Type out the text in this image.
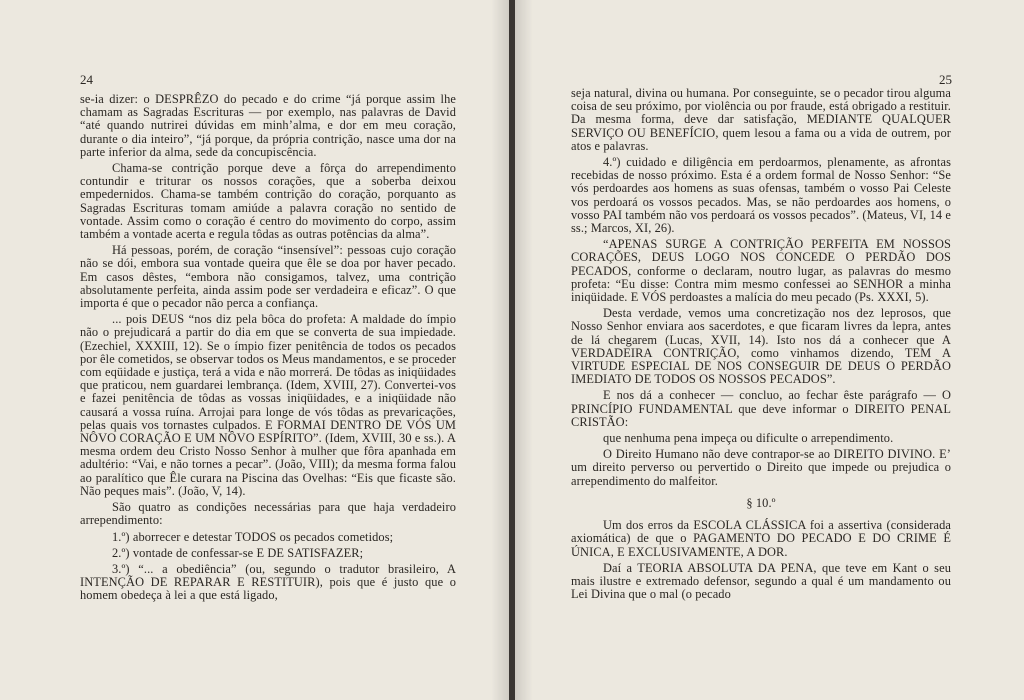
24

se-ia dizer: o DESPRÊZO do pecado e do crime “já porque assim lhe chamam as Sagradas Escrituras — por exemplo, nas palavras de David “até quando nutrirei dúvidas em minh’alma, e dor em meu coração, durante o dia inteiro”, “já porque, da própria contrição, nasce uma dor na parte inferior da alma, sede da concupiscência.

Chama-se contrição porque deve a fôrça do arrependimento contundir e triturar os nossos corações, que a soberba deixou empedernidos. Chama-se também contrição do coração, porquanto as Sagradas Escrituras tomam amiúde a palavra coração no sentido de vontade. Assim como o coração é centro do movimento do corpo, assim também a vontade acerta e regula tôdas as outras potências da alma”.

Há pessoas, porém, de coração “insensível”: pessoas cujo coração não se dói, embora sua vontade queira que êle se doa por haver pecado. Em casos dêstes, “embora não consigamos, talvez, uma contrição absolutamente perfeita, ainda assim pode ser verdadeira e eficaz”. O que importa é que o pecador não perca a confiança.

... pois DEUS “nos diz pela bôca do profeta: A maldade do ímpio não o prejudicará a partir do dia em que se converta de sua impiedade. (Ezechiel, XXXIII, 12). Se o ímpio fizer penitência de todos os pecados por êle cometidos, se observar todos os Meus mandamentos, e se proceder com eqüidade e justiça, terá a vida e não morrerá. De tôdas as iniqüidades que praticou, nem guardarei lembrança. (Idem, XVIII, 27). Convertei-vos e fazei penitência de tôdas as vossas iniqüidades, e a iniqüidade não causará a vossa ruína. Arrojai para longe de vós tôdas as prevaricações, pelas quais vos tornastes culpados. E FORMAI DENTRO DE VÓS UM NÔVO CORAÇÃO E UM NÔVO ESPÍRITO”. (Idem, XVIII, 30 e ss.). A mesma ordem deu Cristo Nosso Senhor à mulher que fôra apanhada em adultério: “Vai, e não tornes a pecar”. (João, VIII); da mesma forma falou ao paralítico que Êle curara na Piscina das Ovelhas: “Eis que ficaste são. Não peques mais”. (João, V, 14).

São quatro as condições necessárias para que haja verdadeiro arrependimento:

1.º) aborrecer e detestar TODOS os pecados cometidos;

2.º) vontade de confessar-se E DE SATISFAZER;

3.º) “... a obediência” (ou, segundo o tradutor brasileiro, A INTENÇÃO DE REPARAR E RESTITUIR), pois que é justo que o homem obedeça à lei a que está ligado,

25

seja natural, divina ou humana. Por conseguinte, se o pecador tirou alguma coisa de seu próximo, por violência ou por fraude, está obrigado a restituir. Da mesma forma, deve dar satisfação, MEDIANTE QUALQUER SERVIÇO OU BENEFÍCIO, quem lesou a fama ou a vida de outrem, por atos e palavras.

4.º) cuidado e diligência em perdoarmos, plenamente, as afrontas recebidas de nosso próximo. Esta é a ordem formal de Nosso Senhor: “Se vós perdoardes aos homens as suas ofensas, também o vosso Pai Celeste vos perdoará os vossos pecados. Mas, se não perdoardes aos homens, o vosso PAI também não vos perdoará os vossos pecados”. (Mateus, VI, 14 e ss.; Marcos, XI, 26).

“APENAS SURGE A CONTRIÇÃO PERFEITA EM NOSSOS CORAÇÕES, DEUS LOGO NOS CONCEDE O PERDÃO DOS PECADOS, conforme o declaram, noutro lugar, as palavras do mesmo profeta: “Eu disse: Contra mim mesmo confessei ao SENHOR a minha iniqüidade. E VÓS perdoastes a malícia do meu pecado (Ps. XXXI, 5).

Desta verdade, vemos uma concretização nos dez leprosos, que Nosso Senhor enviara aos sacerdotes, e que ficaram livres da lepra, antes de lá chegarem (Lucas, XVII, 14). Isto nos dá a conhecer que A VERDADEIRA CONTRIÇÃO, como vinhamos dizendo, TEM A VIRTUDE ESPECIAL DE NOS CONSEGUIR DE DEUS O PERDÃO IMEDIATO DE TODOS OS NOSSOS PECADOS”.

E nos dá a conhecer — concluo, ao fechar êste parágrafo — O PRINCÍPIO FUNDAMENTAL que deve informar o DIREITO PENAL CRISTÃO:

que nenhuma pena impeça ou dificulte o arrependimento.

O Direito Humano não deve contrapor-se ao DIREITO DIVINO. E’ um direito perverso ou pervertido o Direito que impede ou prejudica o arrependimento do malfeitor.

§ 10.º

Um dos erros da ESCOLA CLÁSSICA foi a assertiva (considerada axiomática) de que o PAGAMENTO DO PECADO E DO CRIME É ÚNICA, E EXCLUSIVAMENTE, A DOR.

Daí a TEORIA ABSOLUTA DA PENA, que teve em Kant o seu mais ilustre e extremado defensor, segundo a qual é um mandamento ou Lei Divina que o mal (o pecado
